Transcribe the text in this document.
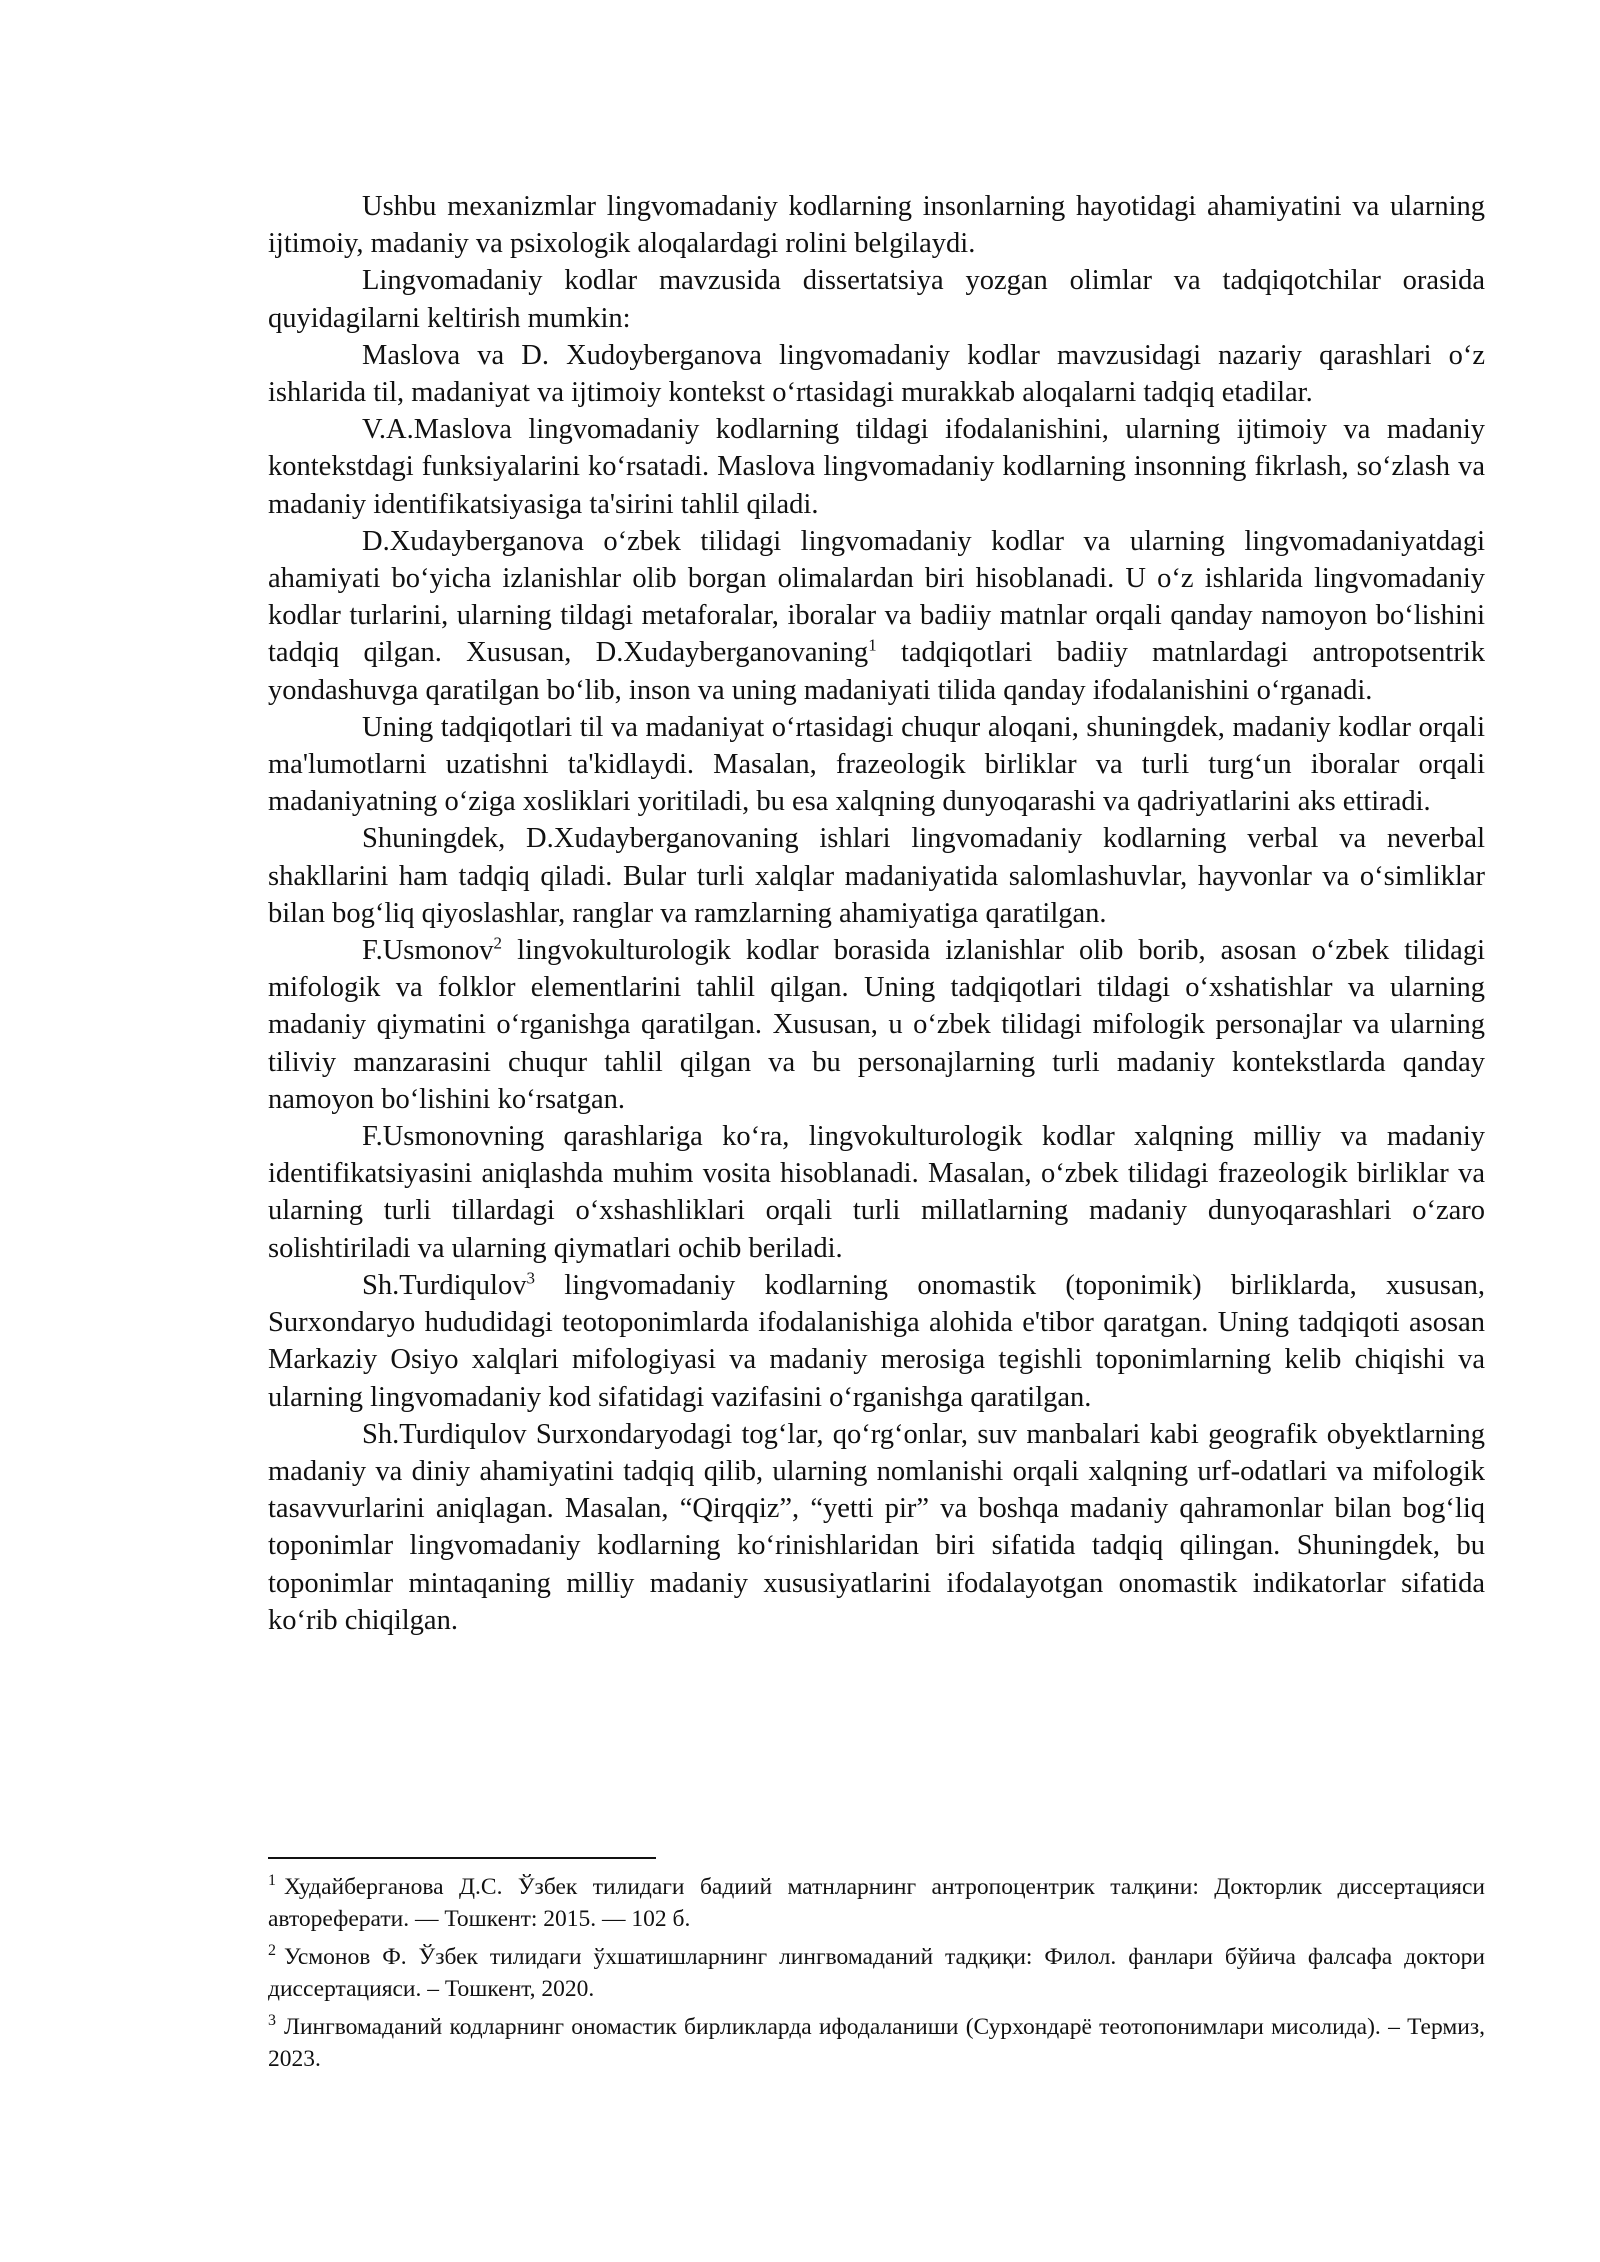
Ushbu mexanizmlar lingvomadaniy kodlarning insonlarning hayotidagi ahamiyatini va ularning ijtimoiy, madaniy va psixologik aloqalardagi rolini belgilaydi.

Lingvomadaniy kodlar mavzusida dissertatsiya yozgan olimlar va tadqiqotchilar orasida quyidagilarni keltirish mumkin:

Maslova va D. Xudoyberganova lingvomadaniy kodlar mavzusidagi nazariy qarashlari oʻz ishlarida til, madaniyat va ijtimoiy kontekst oʻrtasidagi murakkab aloqalarni tadqiq etadilar.

V.A.Maslova lingvomadaniy kodlarning tildagi ifodalanishini, ularning ijtimoiy va madaniy kontekstdagi funksiyalarini koʻrsatadi. Maslova lingvomadaniy kodlarning insonning fikrlash, soʻzlash va madaniy identifikatsiyasiga ta'sirini tahlil qiladi.

D.Xudayberganova oʻzbek tilidagi lingvomadaniy kodlar va ularning lingvomadaniyatdagi ahamiyati boʻyicha izlanishlar olib borgan olimalardan biri hisoblanadi. U oʻz ishlarida lingvomadaniy kodlar turlarini, ularning tildagi metaforalar, iboralar va badiiy matnlar orqali qanday namoyon boʻlishini tadqiq qilgan. Xususan, D.Xudayberganovaning$^1$ tadqiqotlari badiiy matnlardagi antropotsentrik yondashuvga qaratilgan boʻlib, inson va uning madaniyati tilida qanday ifodalanishini oʻrganadi.

Uning tadqiqotlari til va madaniyat oʻrtasidagi chuqur aloqani, shuningdek, madaniy kodlar orqali ma'lumotlarni uzatishni ta'kidlaydi. Masalan, frazeologik birliklar va turli turgʻun iboralar orqali madaniyatning oʻziga xosliklari yoritiladi, bu esa xalqning dunyoqarashi va qadriyatlarini aks ettiradi.

Shuningdek, D.Xudayberganovaning ishlari lingvomadaniy kodlarning verbal va neverbal shakllarini ham tadqiq qiladi. Bular turli xalqlar madaniyatida salomlashuvlar, hayvonlar va oʻsimliklar bilan bogʻliq qiyoslashlar, ranglar va ramzlarning ahamiyatiga qaratilgan.

F.Usmonov$^2$ lingvokulturologik kodlar borasida izlanishlar olib borib, asosan oʻzbek tilidagi mifologik va folklor elementlarini tahlil qilgan. Uning tadqiqotlari tildagi oʻxshatishlar va ularning madaniy qiymatini oʻrganishga qaratilgan. Xususan, u oʻzbek tilidagi mifologik personajlar va ularning tiliviy manzarasini chuqur tahlil qilgan va bu personajlarning turli madaniy kontekstlarda qanday namoyon boʻlishini koʻrsatgan.

F.Usmonovning qarashlariga koʻra, lingvokulturologik kodlar xalqning milliy va madaniy identifikatsiyasini aniqlashda muhim vosita hisoblanadi. Masalan, oʻzbek tilidagi frazeologik birliklar va ularning turli tillardagi oʻxshashliklari orqali turli millatlarning madaniy dunyoqarashlari oʻzaro solishtiriladi va ularning qiymatlari ochib beriladi.

Sh.Turdiqulov$^3$ lingvomadaniy kodlarning onomastik (toponimik) birliklarda, xususan, Surxondaryo hududidagi teotoponimlarda ifodalanishiga alohida e'tibor qaratgan. Uning tadqiqoti asosan Markaziy Osiyo xalqlari mifologiyasi va madaniy merosiga tegishli toponimlarning kelib chiqishi va ularning lingvomadaniy kod sifatidagi vazifasini oʻrganishga qaratilgan.

Sh.Turdiqulov Surxondaryodagi togʻlar, qoʻrgʻonlar, suv manbalari kabi geografik obyektlarning madaniy va diniy ahamiyatini tadqiq qilib, ularning nomlanishi orqali xalqning urf-odatlari va mifologik tasavvurlarini aniqlagan. Masalan, “Qirqqiz”, “yetti pir” va boshqa madaniy qahramonlar bilan bogʻliq toponimlar lingvomadaniy kodlarning koʻrinishlaridan biri sifatida tadqiq qilingan. Shuningdek, bu toponimlar mintaqaning milliy madaniy xususiyatlarini ifodalayotgan onomastik indikatorlar sifatida koʻrib chiqilgan.

$^1$ Худайберганова Д.С. Ўзбек тилидаги бадиий матнларнинг антропоцентрик талқини: Докторлик диссертацияси автореферати. — Тошкент: 2015. — 102 б.

$^2$ Усмонов Ф. Ўзбек тилидаги ўхшатишларнинг лингвомаданий тадқиқи: Филол. фанлари бўйича фалсафа доктори диссертацияси. – Тошкент, 2020.

$^3$ Лингвомаданий кодларнинг ономастик бирликларда ифодаланиши (Сурхондарё теотопонимлари мисолида). – Термиз, 2023.
